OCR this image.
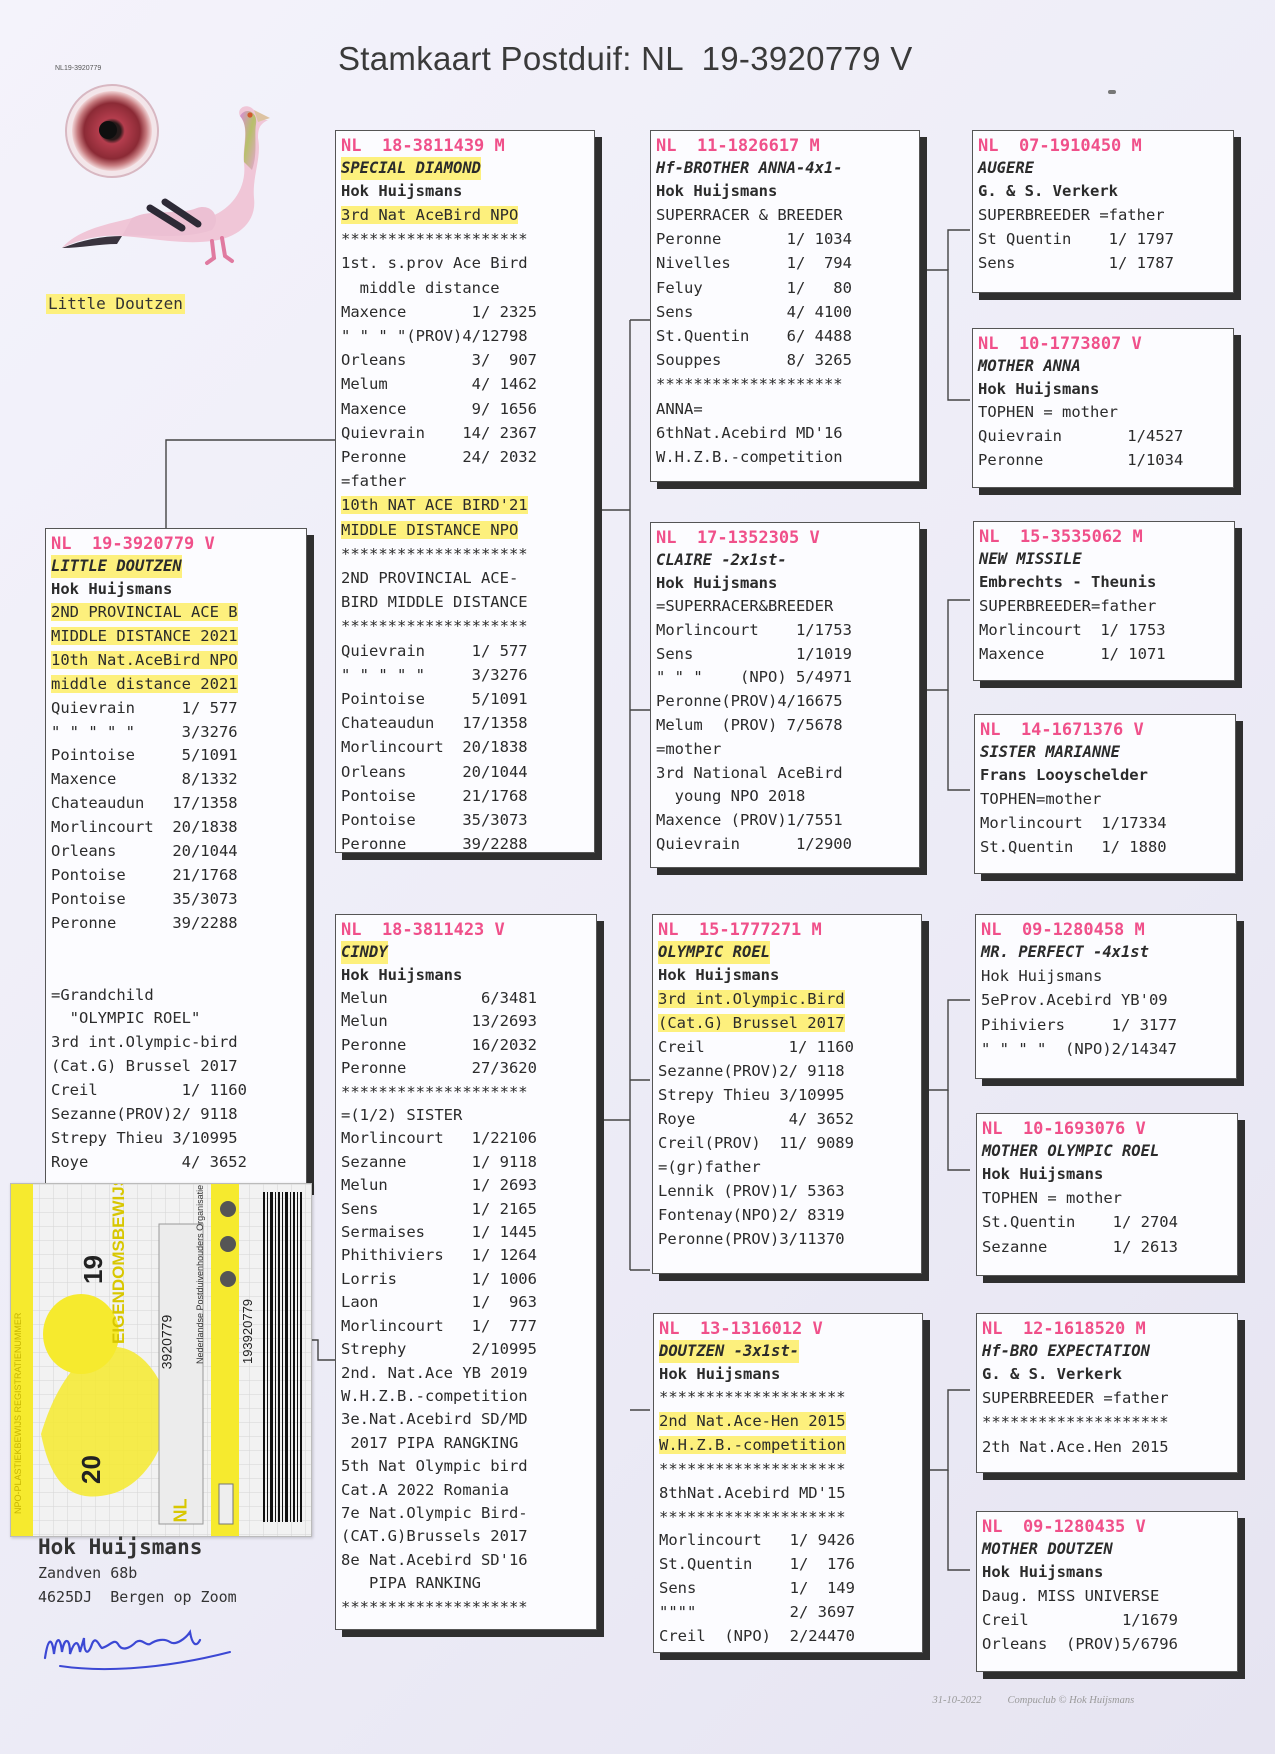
Stamkaart Postduif: NL  19-3920779 V
NL19-3920779
Little Doutzen
NL  19-3920779 V
LITTLE DOUTZEN
Hok Huijsmans
2ND PROVINCIAL ACE B
MIDDLE DISTANCE 2021
10th Nat.AceBird NPO
middle distance 2021
Quievrain     1/ 577
" " " " "     3/3276
Pointoise     5/1091
Maxence       8/1332
Chateaudun   17/1358
Morlincourt  20/1838
Orleans      20/1044
Pontoise     21/1768
Pontoise     35/3073
Peronne      39/2288

=Grandchild
"OLYMPIC ROEL"
3rd int.Olympic-bird
(Cat.G) Brussel 2017
Creil         1/ 1160
Sezanne(PROV)2/ 9118
Strepy Thieu 3/10995
Roye          4/ 3652
NL  18-3811439 M
SPECIAL DIAMOND
Hok Huijsmans
3rd Nat AceBird NPO
********************
1st. s.prov Ace Bird
middle distance
Maxence       1/ 2325
" " " "(PROV)4/12798
Orleans       3/  907
Melum         4/ 1462
Maxence       9/ 1656
Quievrain    14/ 2367
Peronne      24/ 2032
=father
10th NAT ACE BIRD'21
MIDDLE DISTANCE NPO
********************
2ND PROVINCIAL ACE-
BIRD MIDDLE DISTANCE
********************
Quievrain     1/ 577
" " " " "     3/3276
Pointoise     5/1091
Chateaudun   17/1358
Morlincourt  20/1838
Orleans      20/1044
Pontoise     21/1768
Pontoise     35/3073
Peronne      39/2288
NL  18-3811423 V
CINDY
Hok Huijsmans
Melun          6/3481
Melun         13/2693
Peronne       16/2032
Peronne       27/3620
********************
=(1/2) SISTER
Morlincourt   1/22106
Sezanne       1/ 9118
Melun         1/ 2693
Sens          1/ 2165
Sermaises     1/ 1445
Phithiviers   1/ 1264
Lorris        1/ 1006
Laon          1/  963
Morlincourt   1/  777
Strephy       2/10995
2nd. Nat.Ace YB 2019
W.H.Z.B.-competition
3e.Nat.Acebird SD/MD
2017 PIPA RANGKING
5th Nat Olympic bird
Cat.A 2022 Romania
7e Nat.Olympic Bird-
(CAT.G)Brussels 2017
8e Nat.Acebird SD'16
PIPA RANKING
********************
NL  11-1826617 M
Hf-BROTHER ANNA-4x1-
Hok Huijsmans
SUPERRACER & BREEDER
Peronne       1/ 1034
Nivelles      1/  794
Feluy         1/   80
Sens          4/ 4100
St.Quentin    6/ 4488
Souppes       8/ 3265
********************
ANNA=
6thNat.Acebird MD'16
W.H.Z.B.-competition
NL  17-1352305 V
CLAIRE -2x1st-
Hok Huijsmans
=SUPERRACER&BREEDER
Morlincourt    1/1753
Sens           1/1019
" " "    (NPO) 5/4971
Peronne(PROV)4/16675
Melum  (PROV) 7/5678
=mother
3rd National AceBird
young NPO 2018
Maxence (PROV)1/7551
Quievrain      1/2900
NL  15-1777271 M
OLYMPIC ROEL
Hok Huijsmans
3rd int.Olympic.Bird
(Cat.G) Brussel 2017
Creil         1/ 1160
Sezanne(PROV)2/ 9118
Strepy Thieu 3/10995
Roye          4/ 3652
Creil(PROV)  11/ 9089
=(gr)father
Lennik (PROV)1/ 5363
Fontenay(NPO)2/ 8319
Peronne(PROV)3/11370
NL  13-1316012 V
DOUTZEN -3x1st-
Hok Huijsmans
********************
2nd Nat.Ace-Hen 2015
W.H.Z.B.-competition
********************
8thNat.Acebird MD'15
********************
Morlincourt   1/ 9426
St.Quentin    1/  176
Sens          1/  149
""""          2/ 3697
Creil  (NPO)  2/24470
NL  07-1910450 M
AUGERE
G. & S. Verkerk
SUPERBREEDER =father
St Quentin    1/ 1797
Sens          1/ 1787
NL  10-1773807 V
MOTHER ANNA
Hok Huijsmans
TOPHEN = mother
Quievrain       1/4527
Peronne         1/1034
NL  15-3535062 M
NEW MISSILE
Embrechts - Theunis
SUPERBREEDER=father
Morlincourt  1/ 1753
Maxence      1/ 1071
NL  14-1671376 V
SISTER MARIANNE
Frans Looyschelder
TOPHEN=mother
Morlincourt  1/17334
St.Quentin   1/ 1880
NL  09-1280458 M
MR. PERFECT -4x1st
Hok Huijsmans
5eProv.Acebird YB'09
Pihiviers     1/ 3177
" " " "  (NPO)2/14347
NL  10-1693076 V
MOTHER OLYMPIC ROEL
Hok Huijsmans
TOPHEN = mother
St.Quentin    1/ 2704
Sezanne       1/ 2613
NL  12-1618520 M
Hf-BRO EXPECTATION
G. & S. Verkerk
SUPERBREEDER =father
********************
2th Nat.Ace.Hen 2015
NL  09-1280435 V
MOTHER DOUTZEN
Hok Huijsmans
Daug. MISS UNIVERSE
Creil          1/1679
Orleans  (PROV)5/6796
20
19
3920779
NL
193920779
Hok Huijsmans
Zandven 68b
4625DJ  Bergen op Zoom

31-10-2022 Compuclub © Hok Huijsmans
